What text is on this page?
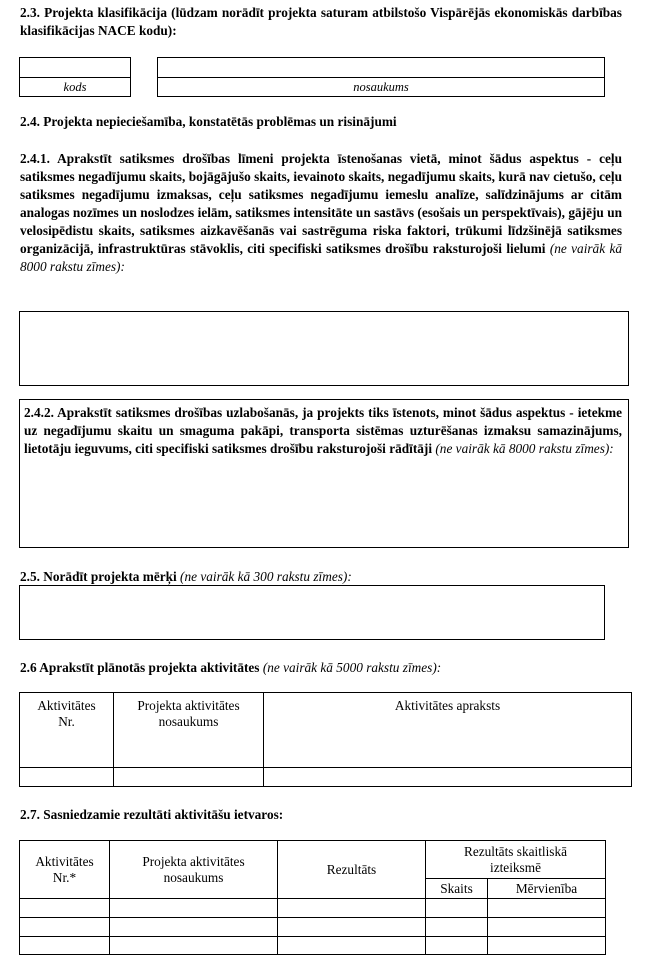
2.3. Projekta klasifikācija (lūdzam norādīt projekta saturam atbilstošo Vispārējās ekonomiskās darbības klasifikācijas NACE kodu):
kods	nosaukums
2.4. Projekta nepieciešamība, konstatētās problēmas un risinājumi
2.4.1. Aprakstīt satiksmes drošības līmeni projekta īstenošanas vietā, minot šādus aspektus - ceļu satiksmes negadījumu skaits, bojāgājušo skaits, ievainoto skaits, negadījumu skaits, kurā nav cietušo, ceļu satiksmes negadījumu izmaksas, ceļu satiksmes negadījumu iemeslu analīze, salīdzinājums ar citām analogas nozīmes un noslodzes ielām, satiksmes intensitāte un sastāvs (esošais un perspektīvais), gājēju un velosipēdistu skaits, satiksmes aizkavēšanās vai sastrēguma riska faktori, trūkumi līdzšinējā satiksmes organizācijā, infrastruktūras stāvoklis, citi specifiski satiksmes drošību raksturojoši lielumi (ne vairāk kā 8000 rakstu zīmes):
2.4.2. Aprakstīt satiksmes drošības uzlabošanās, ja projekts tiks īstenots, minot šādus aspektus - ietekme uz negadījumu skaitu un smaguma pakāpi, transporta sistēmas uzturēšanas izmaksu samazinājums, lietotāju ieguvums, citi specifiski satiksmes drošību raksturojoši rādītāji (ne vairāk kā 8000 rakstu zīmes):
2.5. Norādīt projekta mērķi (ne vairāk kā 300 rakstu zīmes):
2.6 Aprakstīt plānotās projekta aktivitātes (ne vairāk kā 5000 rakstu zīmes):
Aktivitātes Nr.	Projekta aktivitātes nosaukums	Aktivitātes apraksts

2.7. Sasniedzamie rezultāti aktivitāšu ietvaros:
Aktivitātes Nr.*	Projekta aktivitātes nosaukums	Rezultāts	Rezultāts skaitliskā izteiksmē	
			Skaits	Mērvienība
